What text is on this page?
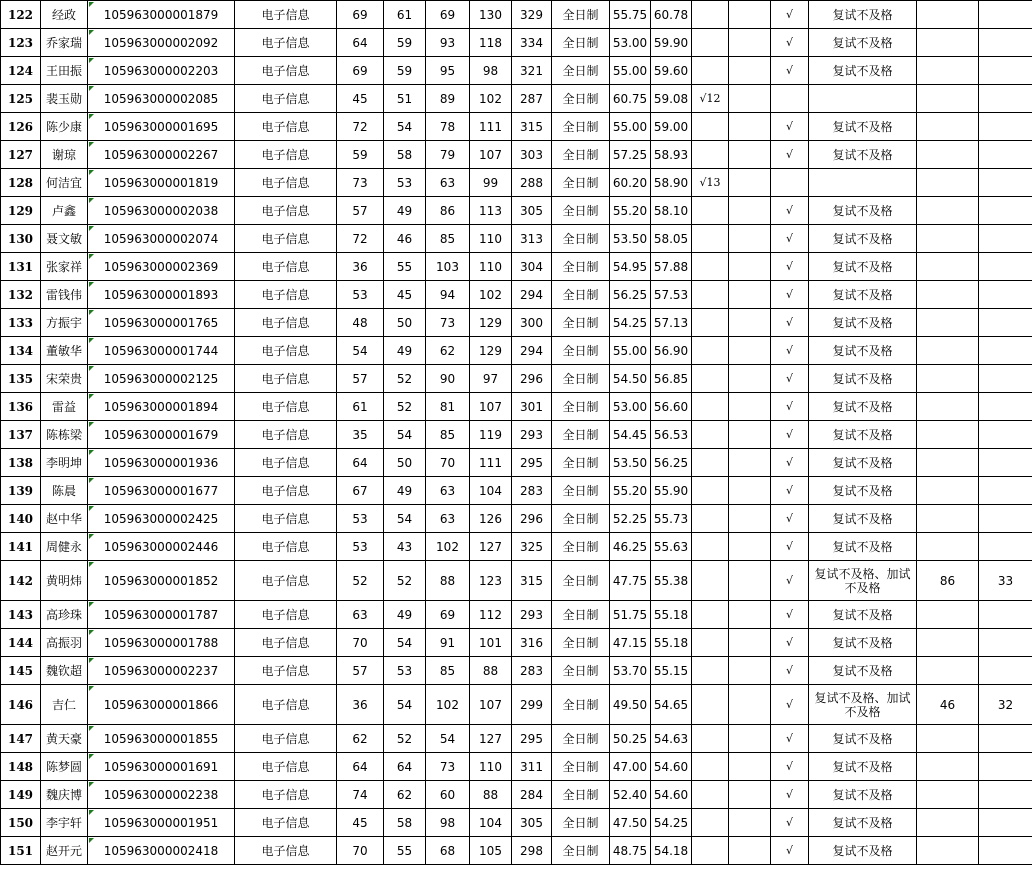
122	经政	105963000001879	电子信息	69	61	69	130	329	全日制	55.75	60.78			√	复试不及格		
123	乔家瑞	105963000002092	电子信息	64	59	93	118	334	全日制	53.00	59.90			√	复试不及格		
124	王田振	105963000002203	电子信息	69	59	95	98	321	全日制	55.00	59.60			√	复试不及格		
125	裴玉勋	105963000002085	电子信息	45	51	89	102	287	全日制	60.75	59.08	√12					
126	陈少康	105963000001695	电子信息	72	54	78	111	315	全日制	55.00	59.00			√	复试不及格		
127	谢琼	105963000002267	电子信息	59	58	79	107	303	全日制	57.25	58.93			√	复试不及格		
128	何洁宜	105963000001819	电子信息	73	53	63	99	288	全日制	60.20	58.90	√13					
129	卢鑫	105963000002038	电子信息	57	49	86	113	305	全日制	55.20	58.10			√	复试不及格		
130	聂文敏	105963000002074	电子信息	72	46	85	110	313	全日制	53.50	58.05			√	复试不及格		
131	张家祥	105963000002369	电子信息	36	55	103	110	304	全日制	54.95	57.88			√	复试不及格		
132	雷钱伟	105963000001893	电子信息	53	45	94	102	294	全日制	56.25	57.53			√	复试不及格		
133	方振宇	105963000001765	电子信息	48	50	73	129	300	全日制	54.25	57.13			√	复试不及格		
134	董敏华	105963000001744	电子信息	54	49	62	129	294	全日制	55.00	56.90			√	复试不及格		
135	宋荣贵	105963000002125	电子信息	57	52	90	97	296	全日制	54.50	56.85			√	复试不及格		
136	雷益	105963000001894	电子信息	61	52	81	107	301	全日制	53.00	56.60			√	复试不及格		
137	陈栋梁	105963000001679	电子信息	35	54	85	119	293	全日制	54.45	56.53			√	复试不及格		
138	李明坤	105963000001936	电子信息	64	50	70	111	295	全日制	53.50	56.25			√	复试不及格		
139	陈晨	105963000001677	电子信息	67	49	63	104	283	全日制	55.20	55.90			√	复试不及格		
140	赵中华	105963000002425	电子信息	53	54	63	126	296	全日制	52.25	55.73			√	复试不及格		
141	周健永	105963000002446	电子信息	53	43	102	127	325	全日制	46.25	55.63			√	复试不及格		
142	黄明炜	105963000001852	电子信息	52	52	88	123	315	全日制	47.75	55.38			√	复试不及格、加试不及格	86	33
143	高珍珠	105963000001787	电子信息	63	49	69	112	293	全日制	51.75	55.18			√	复试不及格		
144	高振羽	105963000001788	电子信息	70	54	91	101	316	全日制	47.15	55.18			√	复试不及格		
145	魏钦超	105963000002237	电子信息	57	53	85	88	283	全日制	53.70	55.15			√	复试不及格		
146	吉仁	105963000001866	电子信息	36	54	102	107	299	全日制	49.50	54.65			√	复试不及格、加试不及格	46	32
147	黄天豪	105963000001855	电子信息	62	52	54	127	295	全日制	50.25	54.63			√	复试不及格		
148	陈梦圆	105963000001691	电子信息	64	64	73	110	311	全日制	47.00	54.60			√	复试不及格		
149	魏庆博	105963000002238	电子信息	74	62	60	88	284	全日制	52.40	54.60			√	复试不及格		
150	李宇轩	105963000001951	电子信息	45	58	98	104	305	全日制	47.50	54.25			√	复试不及格		
151	赵开元	105963000002418	电子信息	70	55	68	105	298	全日制	48.75	54.18			√	复试不及格		
